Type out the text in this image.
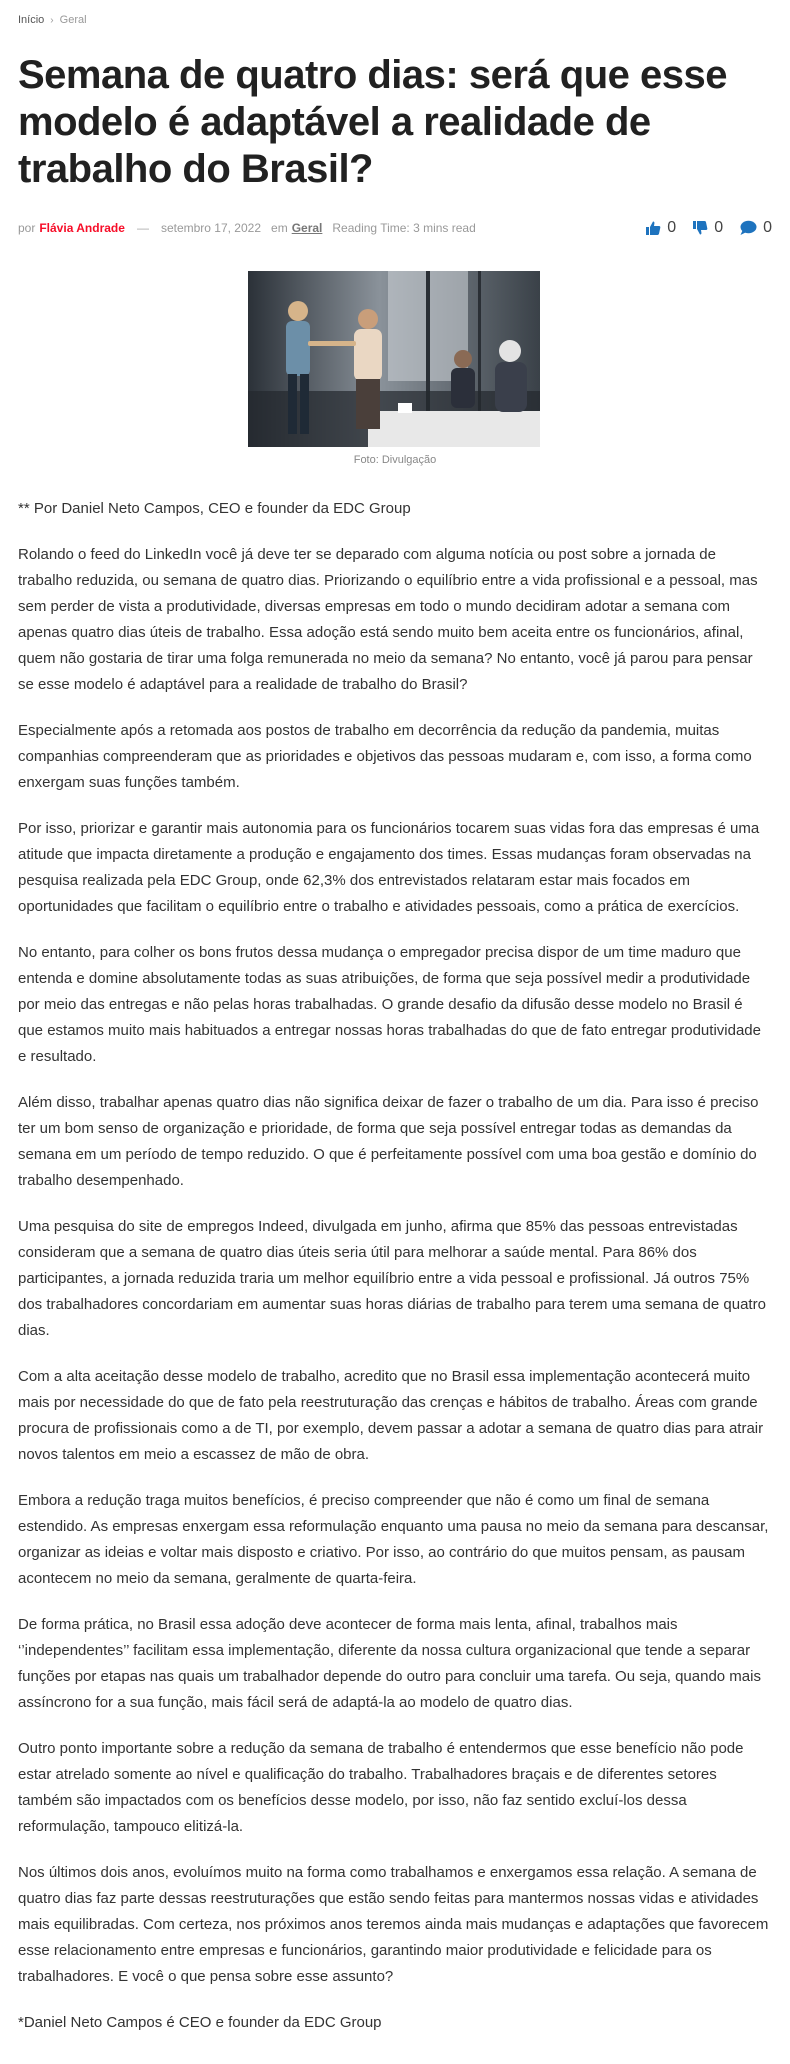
Início › Geral
Semana de quatro dias: será que esse modelo é adaptável a realidade de trabalho do Brasil?
por Flávia Andrade — setembro 17, 2022 em Geral Reading Time: 3 mins read	0 0	0
Foto: Divulgação

** Por Daniel Neto Campos, CEO e founder da EDC Group

Rolando o feed do LinkedIn você já deve ter se deparado com alguma notícia ou post sobre a jornada de trabalho reduzida, ou semana de quatro dias. Priorizando o equilíbrio entre a vida profissional e a pessoal, mas sem perder de vista a produtividade, diversas empresas em todo o mundo decidiram adotar a semana com apenas quatro dias úteis de trabalho. Essa adoção está sendo muito bem aceita entre os funcionários, afinal, quem não gostaria de tirar uma folga remunerada no meio da semana? No entanto, você já parou para pensar se esse modelo é adaptável para a realidade de trabalho do Brasil?

Especialmente após a retomada aos postos de trabalho em decorrência da redução da pandemia, muitas companhias compreenderam que as prioridades e objetivos das pessoas mudaram e, com isso, a forma como enxergam suas funções também.

Por isso, priorizar e garantir mais autonomia para os funcionários tocarem suas vidas fora das empresas é uma atitude que impacta diretamente a produção e engajamento dos times. Essas mudanças foram observadas na pesquisa realizada pela EDC Group, onde 62,3% dos entrevistados relataram estar mais focados em oportunidades que facilitam o equilíbrio entre o trabalho e atividades pessoais, como a prática de exercícios.

No entanto, para colher os bons frutos dessa mudança o empregador precisa dispor de um time maduro que entenda e domine absolutamente todas as suas atribuições, de forma que seja possível medir a produtividade por meio das entregas e não pelas horas trabalhadas. O grande desafio da difusão desse modelo no Brasil é que estamos muito mais habituados a entregar nossas horas trabalhadas do que de fato entregar produtividade e resultado.

Além disso, trabalhar apenas quatro dias não significa deixar de fazer o trabalho de um dia. Para isso é preciso ter um bom senso de organização e prioridade, de forma que seja possível entregar todas as demandas da semana em um período de tempo reduzido. O que é perfeitamente possível com uma boa gestão e domínio do trabalho desempenhado.

Uma pesquisa do site de empregos Indeed, divulgada em junho, afirma que 85% das pessoas entrevistadas consideram que a semana de quatro dias úteis seria útil para melhorar a saúde mental. Para 86% dos participantes, a jornada reduzida traria um melhor equilíbrio entre a vida pessoal e profissional. Já outros 75% dos trabalhadores concordariam em aumentar suas horas diárias de trabalho para terem uma semana de quatro dias.

Com a alta aceitação desse modelo de trabalho, acredito que no Brasil essa implementação acontecerá muito mais por necessidade do que de fato pela reestruturação das crenças e hábitos de trabalho. Áreas com grande procura de profissionais como a de TI, por exemplo, devem passar a adotar a semana de quatro dias para atrair novos talentos em meio a escassez de mão de obra.

Embora a redução traga muitos benefícios, é preciso compreender que não é como um final de semana estendido. As empresas enxergam essa reformulação enquanto uma pausa no meio da semana para descansar, organizar as ideias e voltar mais disposto e criativo. Por isso, ao contrário do que muitos pensam, as pausam acontecem no meio da semana, geralmente de quarta-feira.

De forma prática, no Brasil essa adoção deve acontecer de forma mais lenta, afinal, trabalhos mais ‘’independentes’’ facilitam essa implementação, diferente da nossa cultura organizacional que tende a separar funções por etapas nas quais um trabalhador depende do outro para concluir uma tarefa. Ou seja, quando mais assíncrono for a sua função, mais fácil será de adaptá-la ao modelo de quatro dias.

Outro ponto importante sobre a redução da semana de trabalho é entendermos que esse benefício não pode estar atrelado somente ao nível e qualificação do trabalho. Trabalhadores braçais e de diferentes setores também são impactados com os benefícios desse modelo, por isso, não faz sentido excluí-los dessa reformulação, tampouco elitizá-la.

Nos últimos dois anos, evoluímos muito na forma como trabalhamos e enxergamos essa relação. A semana de quatro dias faz parte dessas reestruturações que estão sendo feitas para mantermos nossas vidas e atividades mais equilibradas. Com certeza, nos próximos anos teremos ainda mais mudanças e adaptações que favorecem esse relacionamento entre empresas e funcionários, garantindo maior produtividade e felicidade para os trabalhadores. E você o que pensa sobre esse assunto?

*Daniel Neto Campos é CEO e founder da EDC Group
